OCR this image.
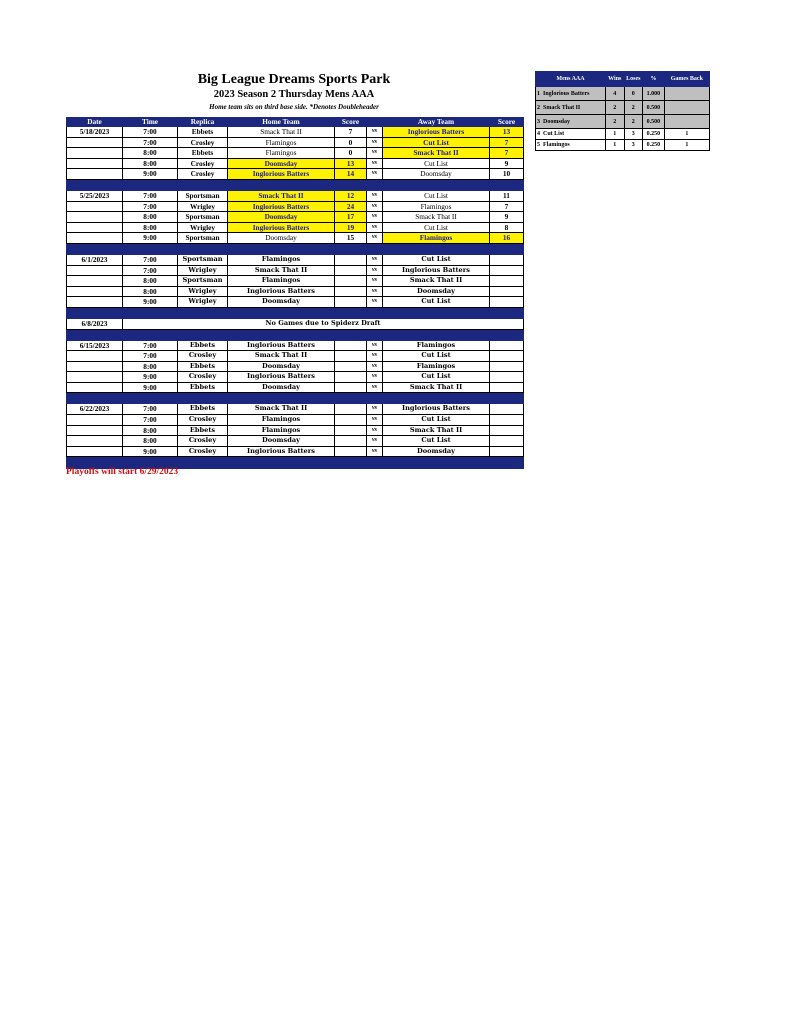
Big League Dreams Sports Park
2023 Season 2 Thursday Mens AAA
Home team sits on third base side. *Denotes Doubleheader
Date	Time	Replica	Home Team	Score		Away Team	Score
5/18/2023	7:00	Ebbets	Smack That II	7	vs	Inglorious Batters	13
	7:00	Crosley	Flamingos	0	vs	Cut List	7
	8:00	Ebbets	Flamingos	0	vs	Smack That II	7
	8:00	Crosley	Doomsday	13	vs	Cut List	9
	9:00	Crosley	Inglorious Batters	14	vs	Doomsday	10

5/25/2023	7:00	Sportsman	Smack That II	12	vs	Cut List	11
	7:00	Wrigley	Inglorious Batters	24	vs	Flamingos	7
	8:00	Sportsman	Doomsday	17	vs	Smack That II	9
	8:00	Wrigley	Inglorious Batters	19	vs	Cut List	8
	9:00	Sportsman	Doomsday	15	vs	Flamingos	16

6/1/2023	7:00	Sportsman	Flamingos		vs	Cut List	
	7:00	Wrigley	Smack That II		vs	Inglorious Batters	
	8:00	Sportsman	Flamingos		vs	Smack That II	
	8:00	Wrigley	Inglorious Batters		vs	Doomsday	
	9:00	Wrigley	Doomsday		vs	Cut List	

6/8/2023	No Games due to Spiderz Draft						

6/15/2023	7:00	Ebbets	Inglorious Batters		vs	Flamingos	
	7:00	Crosley	Smack That II		vs	Cut List	
	8:00	Ebbets	Doomsday		vs	Flamingos	
	9:00	Crosley	Inglorious Batters		vs	Cut List	
	9:00	Ebbets	Doomsday		vs	Smack That II	

6/22/2023	7:00	Ebbets	Smack That II		vs	Inglorious Batters	
	7:00	Crosley	Flamingos		vs	Cut List	
	8:00	Ebbets	Flamingos		vs	Smack That II	
	8:00	Crosley	Doomsday		vs	Cut List	
	9:00	Crosley	Inglorious Batters		vs	Doomsday	

Playoffs will start 6/29/2023
Mens AAA	Wins	Loses	%	Games Back
1 Inglorious Batters	4	0	1.000	
2 Smack That II	2	2	0.500	
3 Doomsday	2	2	0.500	
4 Cut List	1	3	0.250	1
5 Flamingos	1	3	0.250	1
